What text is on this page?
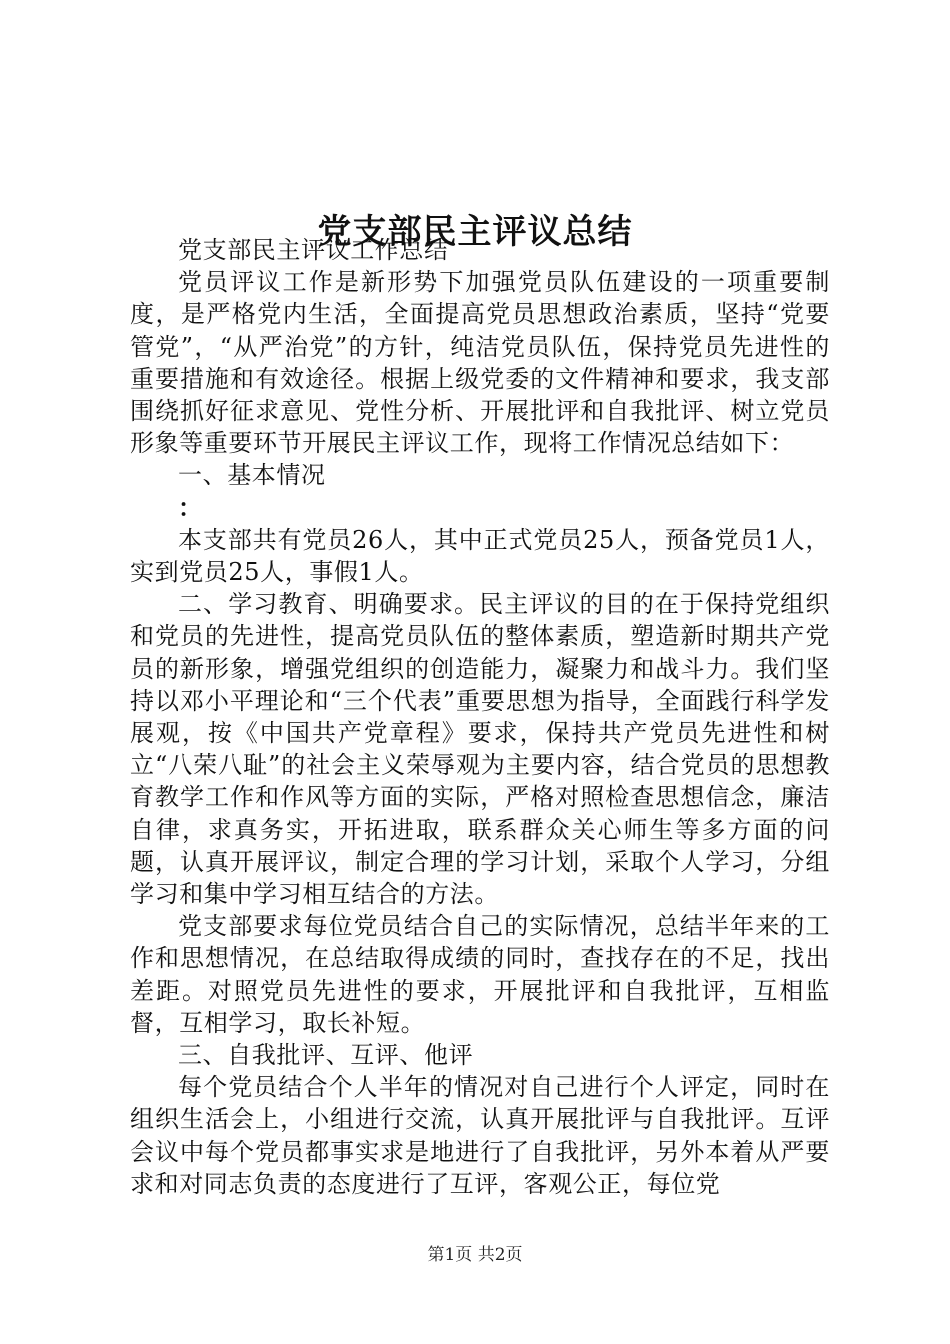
党支部民主评议总结

党支部民主评议工作总结

党员评议工作是新形势下加强党员队伍建设的一项重要制度，是严格党内生活，全面提高党员思想政治素质，坚持“党要管党”，“从严治党”的方针，纯洁党员队伍，保持党员先进性的重要措施和有效途径。根据上级党委的文件精神和要求，我支部围绕抓好征求意见、党性分析、开展批评和自我批评、树立党员形象等重要环节开展民主评议工作，现将工作情况总结如下：

一、基本情况

：

本支部共有党员26人，其中正式党员25人，预备党员1人，实到党员25人，事假1人。

二、学习教育、明确要求。民主评议的目的在于保持党组织和党员的先进性，提高党员队伍的整体素质，塑造新时期共产党员的新形象，增强党组织的创造能力，凝聚力和战斗力。我们坚持以邓小平理论和“三个代表”重要思想为指导，全面践行科学发展观，按《中国共产党章程》要求，保持共产党员先进性和树立“八荣八耻”的社会主义荣辱观为主要内容，结合党员的思想教育教学工作和作风等方面的实际，严格对照检查思想信念，廉洁自律，求真务实，开拓进取，联系群众关心师生等多方面的问题，认真开展评议，制定合理的学习计划，采取个人学习，分组学习和集中学习相互结合的方法。

党支部要求每位党员结合自己的实际情况，总结半年来的工作和思想情况，在总结取得成绩的同时，查找存在的不足，找出差距。对照党员先进性的要求，开展批评和自我批评，互相监督，互相学习，取长补短。

三、自我批评、互评、他评

每个党员结合个人半年的情况对自己进行个人评定，同时在组织生活会上，小组进行交流，认真开展批评与自我批评。互评会议中每个党员都事实求是地进行了自我批评，另外本着从严要求和对同志负责的态度进行了互评，客观公正，每位党

第1页 共2页
